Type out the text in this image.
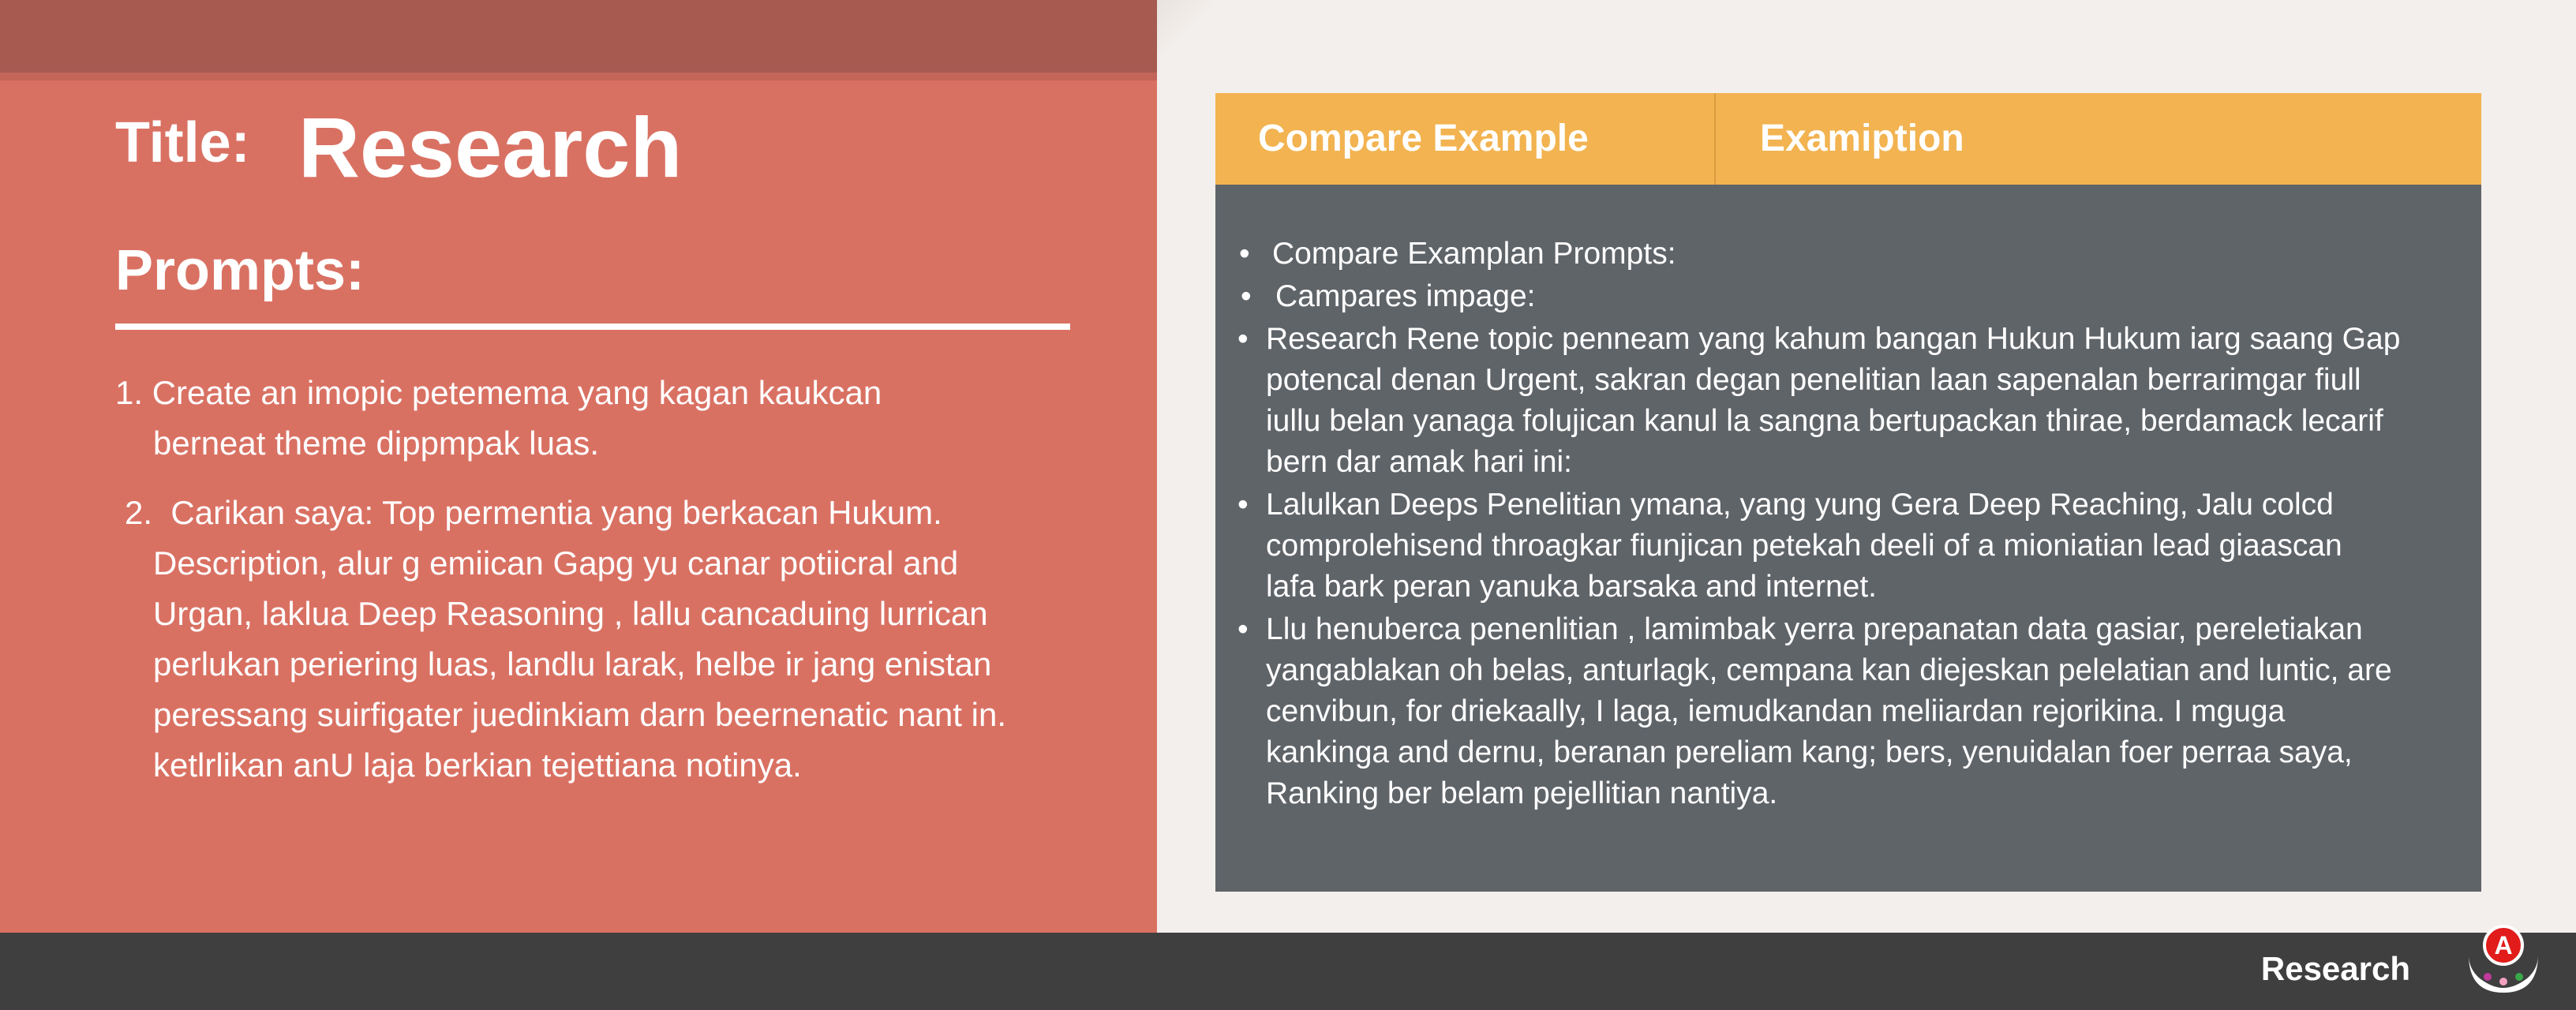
Title: Research
Prompts:
1. Create an imopic petemema yang kagan kaukcan
berneat theme dippmpak luas.
2. Carikan saya: Top permentia yang berkacan Hukum.
Description, alur g emiican Gapg yu canar potiicral and
Urgan, laklua Deep Reasoning , lallu cancaduing lurrican
perlukan periering luas, landlu larak, helbe ir jang enistan
peressang suirfigater juedinkiam darn beernenatic nant in.
ketlrlikan anU laja berkian tejettiana notinya.
Compare Example	Examiption
• Compare Examplan Prompts:
• Campares impage:
• Research Rene topic penneam yang kahum bangan Hukun Hukum iarg saang Gap
potencal denan Urgent, sakran degan penelitian laan sapenalan berrarimgar fiull
iullu belan yanaga folujican kanul la sangna bertupackan thirae, berdamack lecarif
bern dar amak hari ini:
• Lalulkan Deeps Penelitian ymana, yang yung Gera Deep Reaching, Jalu colcd
comprolehisend throagkar fiunjican petekah deeli of a mioniatian lead giaascan
lafa bark peran yanuka barsaka and internet.
• Llu henuberca penenlitian , lamimbak yerra prepanatan data gasiar, pereletiakan
yangablakan oh belas, anturlagk, cempana kan diejeskan pelelatian and luntic, are
cenvibun, for driekaally, I laga, iemudkandan meliiardan rejorikina. I mguga
kankinga and dernu, beranan pereliam kang; bers, yenuidalan foer perraa saya,
Ranking ber belam pejellitian nantiya.
Research
A
